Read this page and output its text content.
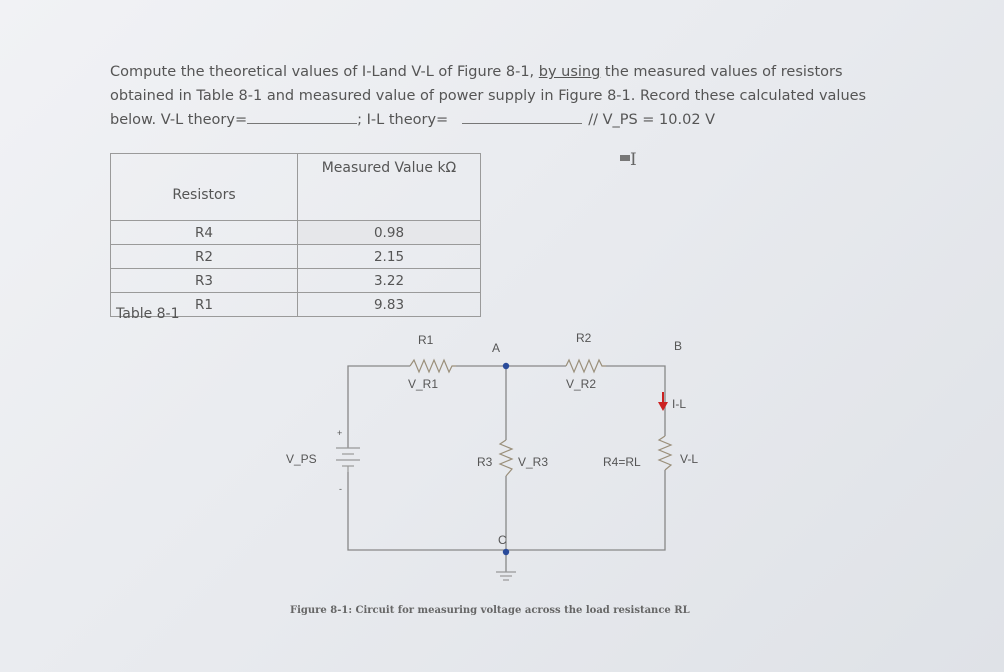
Compute the theoretical values of I-Land V-L of Figure 8-1, by using the measured values of resistors
obtained in Table 8-1 and measured value of power supply in Figure 8-1. Record these calculated values
below. V-L theory=	; I-L theory=	// V_PS = 10.02 V
I
Resistors	Measured Value kΩ
R4	0.98
R2	2.15
R3	3.22
R1	9.83
Table 8-1
R1
V_R1
R2
V_R2
A	B
C
I-L
V-L
V_PS
+
-
R3 V_R3	R4=RL
Figure 8-1: Circuit for measuring voltage across the load resistance RL
